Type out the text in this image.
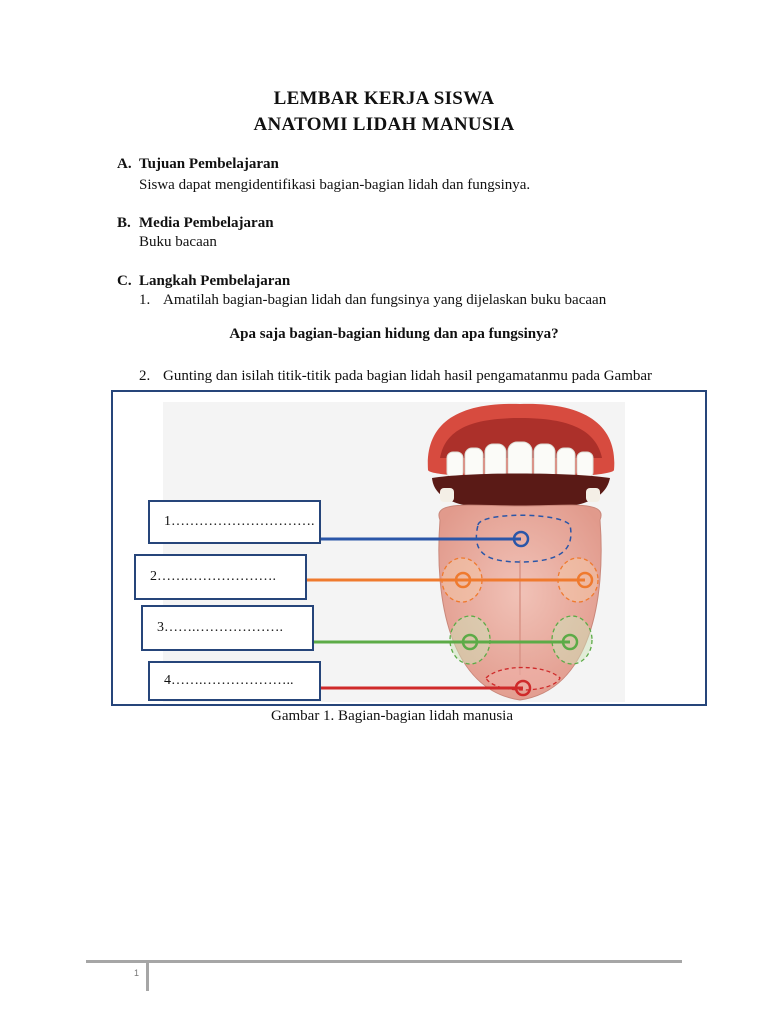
LEMBAR KERJA SISWA
ANATOMI LIDAH MANUSIA
A. Tujuan Pembelajaran
Siswa dapat mengidentifikasi bagian-bagian lidah dan fungsinya.
B. Media Pembelajaran
Buku bacaan
C. Langkah Pembelajaran
1. Amatilah bagian-bagian lidah dan fungsinya yang dijelaskan buku bacaan
Apa saja bagian-bagian hidung dan apa fungsinya?
2. Gunting dan isilah titik-titik pada bagian lidah hasil pengamatanmu pada Gambar
1………………………….
2…….……………….
3…….……………….
4…….………………..
Gambar 1. Bagian-bagian lidah manusia
1
